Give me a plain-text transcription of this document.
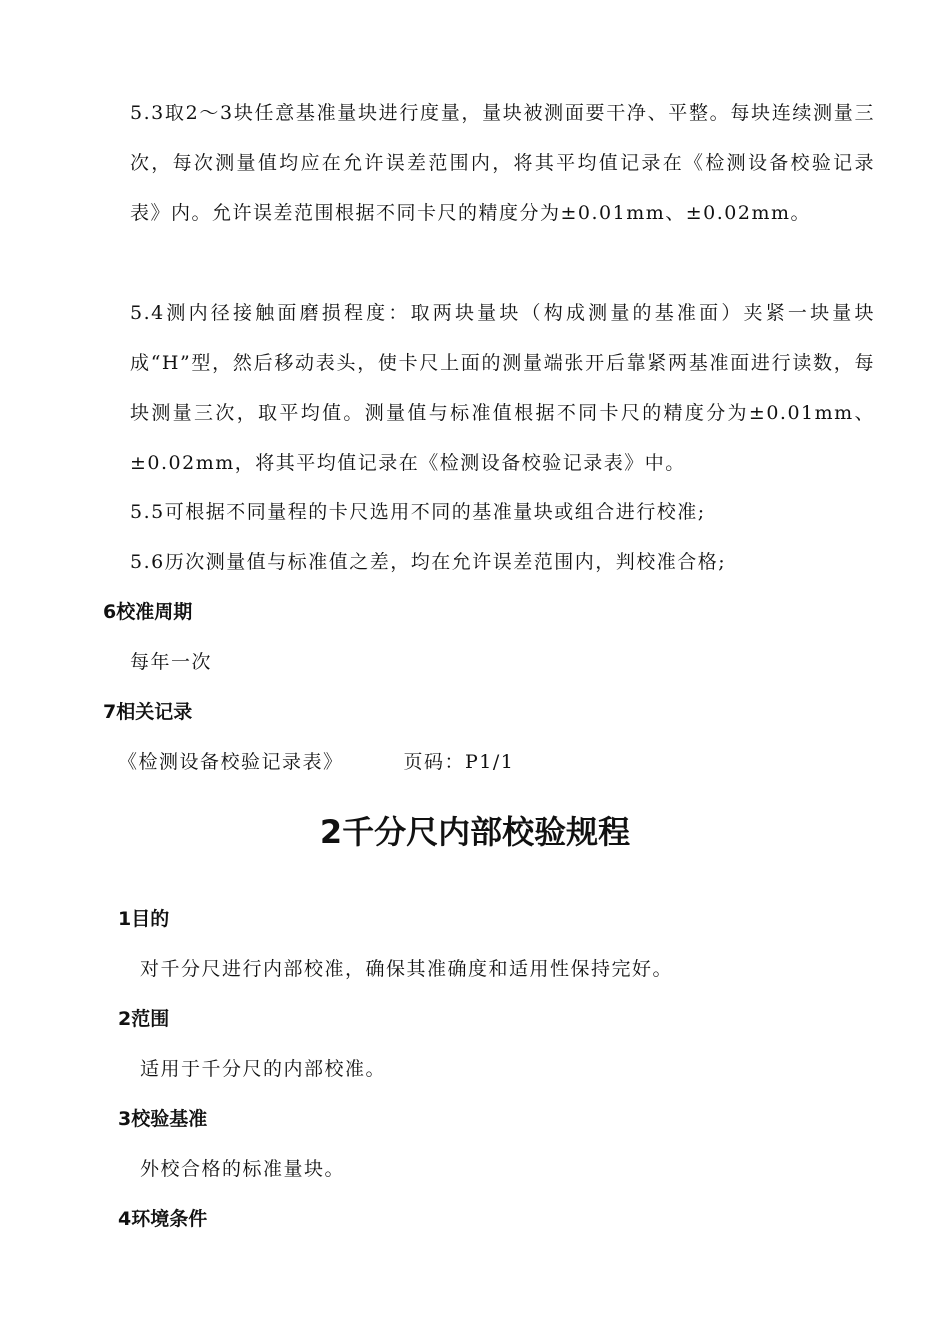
5.3取2～3块任意基准量块进行度量，量块被测面要干净、平整。每块连续测量三次，每次测量值均应在允许误差范围内，将其平均值记录在《检测设备校验记录表》内。允许误差范围根据不同卡尺的精度分为±0.01mm、±0.02mm。

5.4测内径接触面磨损程度：取两块量块（构成测量的基准面）夹紧一块量块成“H”型，然后移动表头，使卡尺上面的测量端张开后靠紧两基准面进行读数，每块测量三次，取平均值。测量值与标准值根据不同卡尺的精度分为±0.01mm、±0.02mm，将其平均值记录在《检测设备校验记录表》中。

5.5可根据不同量程的卡尺选用不同的基准量块或组合进行校准;

5.6历次测量值与标准值之差，均在允许误差范围内，判校准合格;

6校准周期

每年一次

7相关记录

《检测设备校验记录表》	页码：P1/1

2千分尺内部校验规程

1目的

对千分尺进行内部校准，确保其准确度和适用性保持完好。

2范围

适用于千分尺的内部校准。

3校验基准

外校合格的标准量块。

4环境条件
